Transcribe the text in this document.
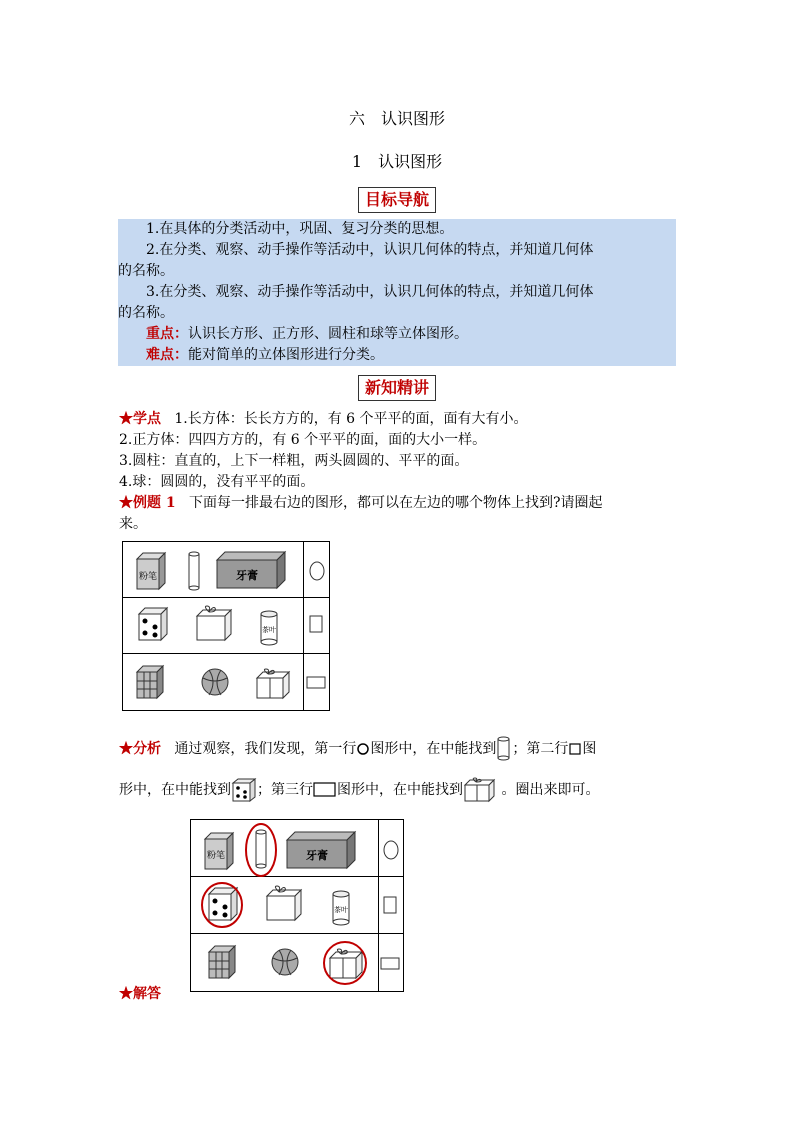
六　认识图形
1　认识图形
目标导航

1.在具体的分类活动中，巩固、复习分类的思想。

2.在分类、观察、动手操作等活动中，认识几何体的特点，并知道几何体

的名称。

3.在分类、观察、动手操作等活动中，认识几何体的特点，并知道几何体

的名称。

重点：认识长方形、正方形、圆柱和球等立体图形。

难点：能对简单的立体图形进行分类。

新知精讲
★学点 1.长方体：长长方方的，有 6 个平平的面，面有大有小。
2.正方体：四四方方的，有 6 个平平的面，面的大小一样。
3.圆柱：直直的，上下一样粗，两头圆圆的、平平的面。
4.球：圆圆的，没有平平的面。
★例题 1 下面每一排最右边的图形，都可以在左边的哪个物体上找到?请圈起
来。
粉笔	牙膏
茶叶
★分析 通过观察，我们发现，第一行 图形中，在中能找到 ；第二行 图
形中，在中能找到 ；第三行 图形中，在中能找到	。圈出来即可。
粉笔	牙膏
茶叶
★解答
